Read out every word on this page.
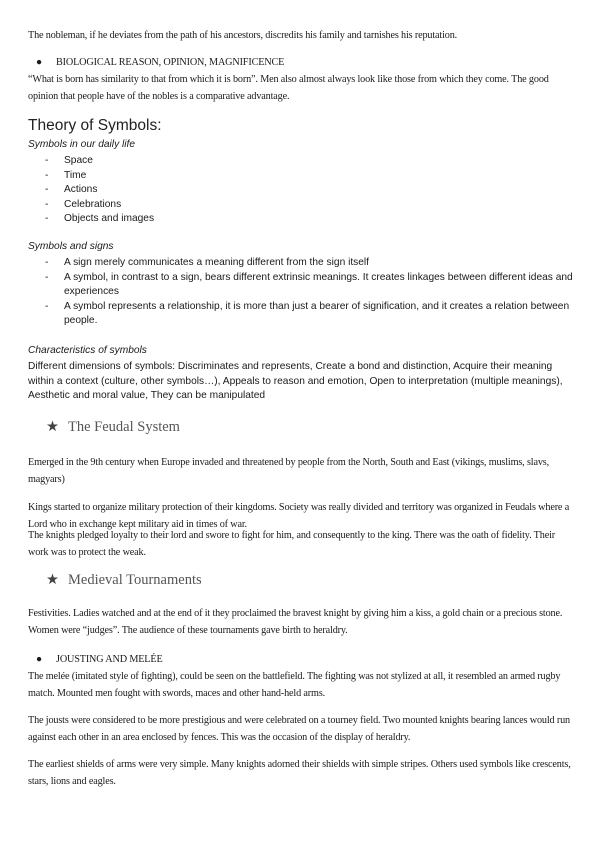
The nobleman, if he deviates from the path of his ancestors, discredits his family and tarnishes his reputation.

● BIOLOGICAL REASON, OPINION, MAGNIFICENCE

“What is born has similarity to that from which it is born”. Men also almost always look like those from which they come. The good opinion that people have of the nobles is a comparative advantage.

Theory of Symbols:
Symbols in our daily life
- Space
- Time
- Actions
- Celebrations
- Objects and images
Symbols and signs
- A sign merely communicates a meaning different from the sign itself
- A symbol, in contrast to a sign, bears different extrinsic meanings. It creates linkages between different ideas and experiences
- A symbol represents a relationship, it is more than just a bearer of signification, and it creates a relation between people.
Characteristics of symbols

Different dimensions of symbols: Discriminates and represents, Create a bond and distinction, Acquire their meaning within a context (culture, other symbols…), Appeals to reason and emotion, Open to interpretation (multiple meanings), Aesthetic and moral value, They can be manipulated

★ The Feudal System

Emerged in the 9th century when Europe invaded and threatened by people from the North, South and East (vikings, muslims, slavs, magyars)

Kings started to organize military protection of their kingdoms. Society was really divided and territory was organized in Feudals where a Lord who in exchange kept military aid in times of war.

The knights pledged loyalty to their lord and swore to fight for him, and consequently to the king. There was the oath of fidelity. Their work was to protect the weak.

★ Medieval Tournaments

Festivities. Ladies watched and at the end of it they proclaimed the bravest knight by giving him a kiss, a gold chain or a precious stone. Women were “judges”. The audience of these tournaments gave birth to heraldry.

● JOUSTING AND MELÉE

The melée (imitated style of fighting), could be seen on the battlefield. The fighting was not stylized at all, it resembled an armed rugby match. Mounted men fought with swords, maces and other hand-held arms.

The jousts were considered to be more prestigious and were celebrated on a tourney field. Two mounted knights bearing lances would run against each other in an area enclosed by fences. This was the occasion of the display of heraldry.

The earliest shields of arms were very simple. Many knights adorned their shields with simple stripes. Others used symbols like crescents, stars, lions and eagles.
